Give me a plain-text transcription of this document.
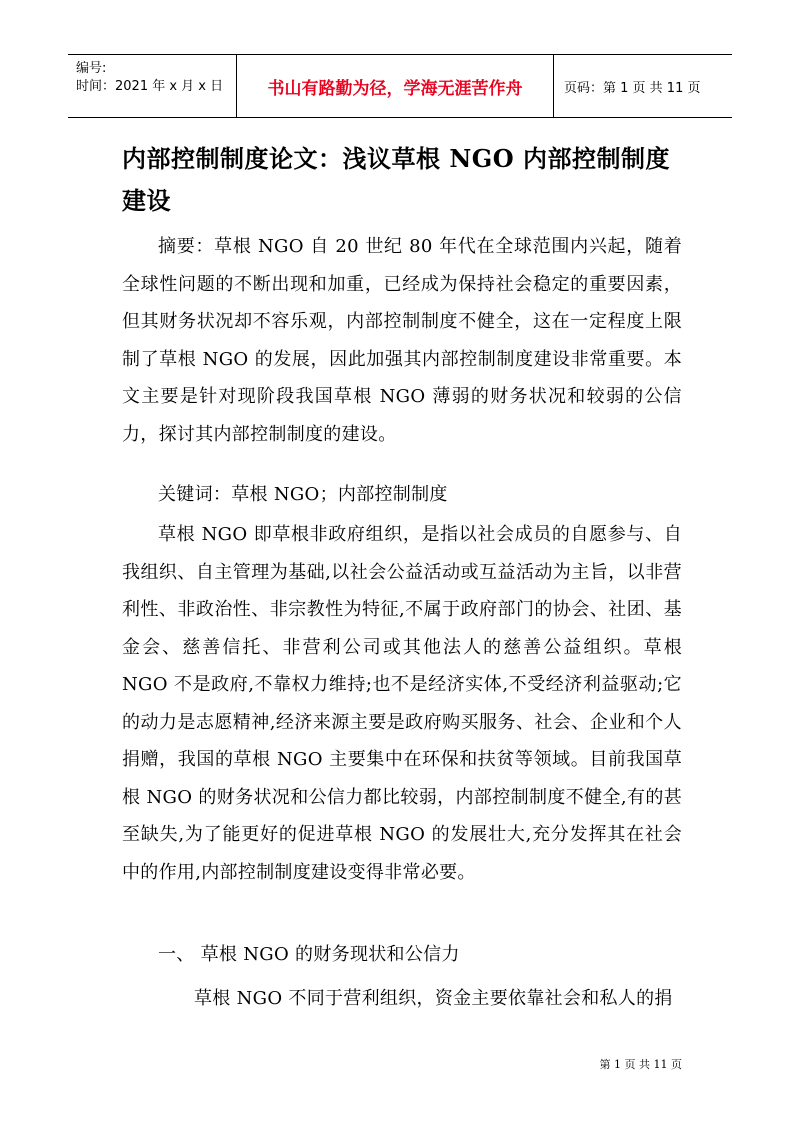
编号:
时间：2021 年 x 月 x 日	书山有路勤为径，学海无涯苦作舟	页码：第 1 页 共 11 页
内部控制制度论文：浅议草根 NGO 内部控制制度建设
摘要：草根 NGO 自 20 世纪 80 年代在全球范围内兴起，随着全球性问题的不断出现和加重，已经成为保持社会稳定的重要因素，但其财务状况却不容乐观，内部控制制度不健全，这在一定程度上限制了草根 NGO 的发展，因此加强其内部控制制度建设非常重要。本文主要是针对现阶段我国草根 NGO 薄弱的财务状况和较弱的公信力，探讨其内部控制制度的建设。
关键词：草根 NGO；内部控制制度
草根 NGO 即草根非政府组织，是指以社会成员的自愿参与、自我组织、自主管理为基础,以社会公益活动或互益活动为主旨，以非营利性、非政治性、非宗教性为特征,不属于政府部门的协会、社团、基金会、慈善信托、非营利公司或其他法人的慈善公益组织。草根 NGO 不是政府,不靠权力维持;也不是经济实体,不受经济利益驱动;它的动力是志愿精神,经济来源主要是政府购买服务、社会、企业和个人捐赠，我国的草根 NGO 主要集中在环保和扶贫等领域。目前我国草根 NGO 的财务状况和公信力都比较弱，内部控制制度不健全,有的甚至缺失,为了能更好的促进草根 NGO 的发展壮大,充分发挥其在社会中的作用,内部控制制度建设变得非常必要。
一、 草根 NGO 的财务现状和公信力
草根 NGO 不同于营利组织，资金主要依靠社会和私人的捐
第 1 页 共 11 页
